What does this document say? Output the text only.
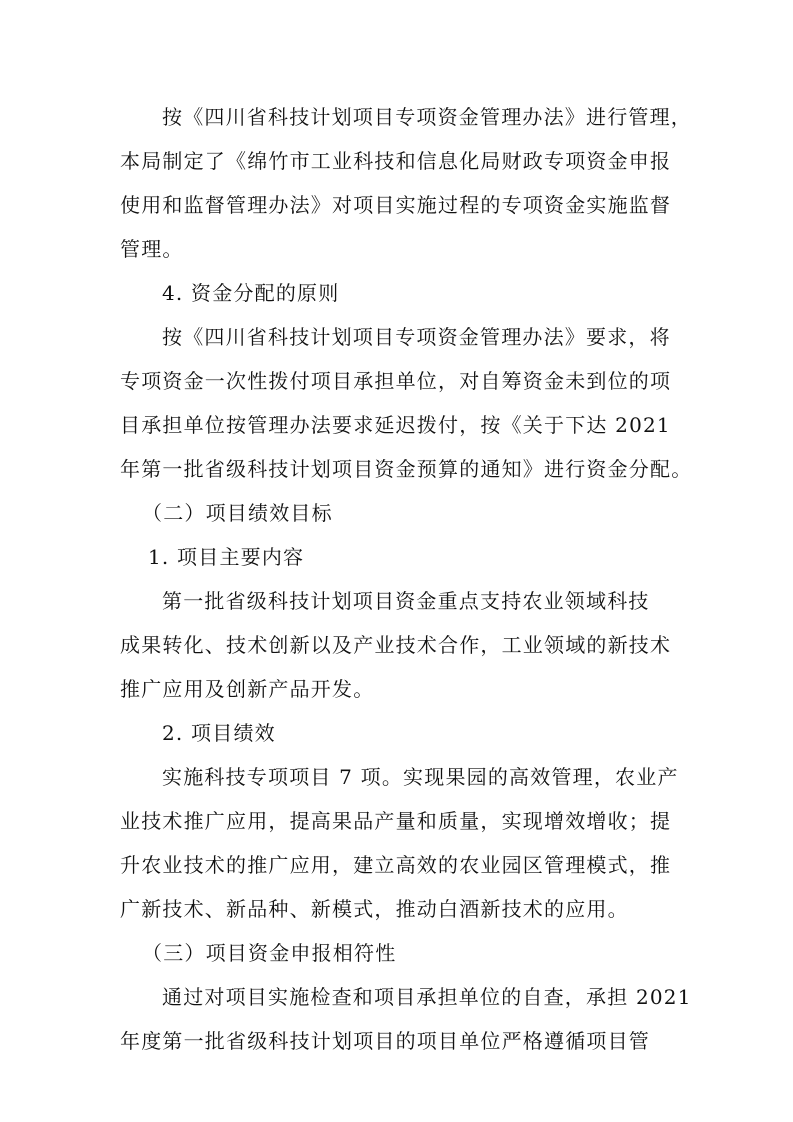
按《四川省科技计划项目专项资金管理办法》进行管理，
本局制定了《绵竹市工业科技和信息化局财政专项资金申报
使用和监督管理办法》对项目实施过程的专项资金实施监督
管理。
4. 资金分配的原则
按《四川省科技计划项目专项资金管理办法》要求，将
专项资金一次性拨付项目承担单位，对自筹资金未到位的项
目承担单位按管理办法要求延迟拨付，按《关于下达 2021
年第一批省级科技计划项目资金预算的通知》进行资金分配。
（二）项目绩效目标
1. 项目主要内容
第一批省级科技计划项目资金重点支持农业领域科技
成果转化、技术创新以及产业技术合作，工业领域的新技术
推广应用及创新产品开发。
2. 项目绩效
实施科技专项项目 7 项。实现果园的高效管理，农业产
业技术推广应用，提高果品产量和质量，实现增效增收；提
升农业技术的推广应用，建立高效的农业园区管理模式，推
广新技术、新品种、新模式，推动白酒新技术的应用。
（三）项目资金申报相符性
通过对项目实施检查和项目承担单位的自查，承担 2021
年度第一批省级科技计划项目的项目单位严格遵循项目管
